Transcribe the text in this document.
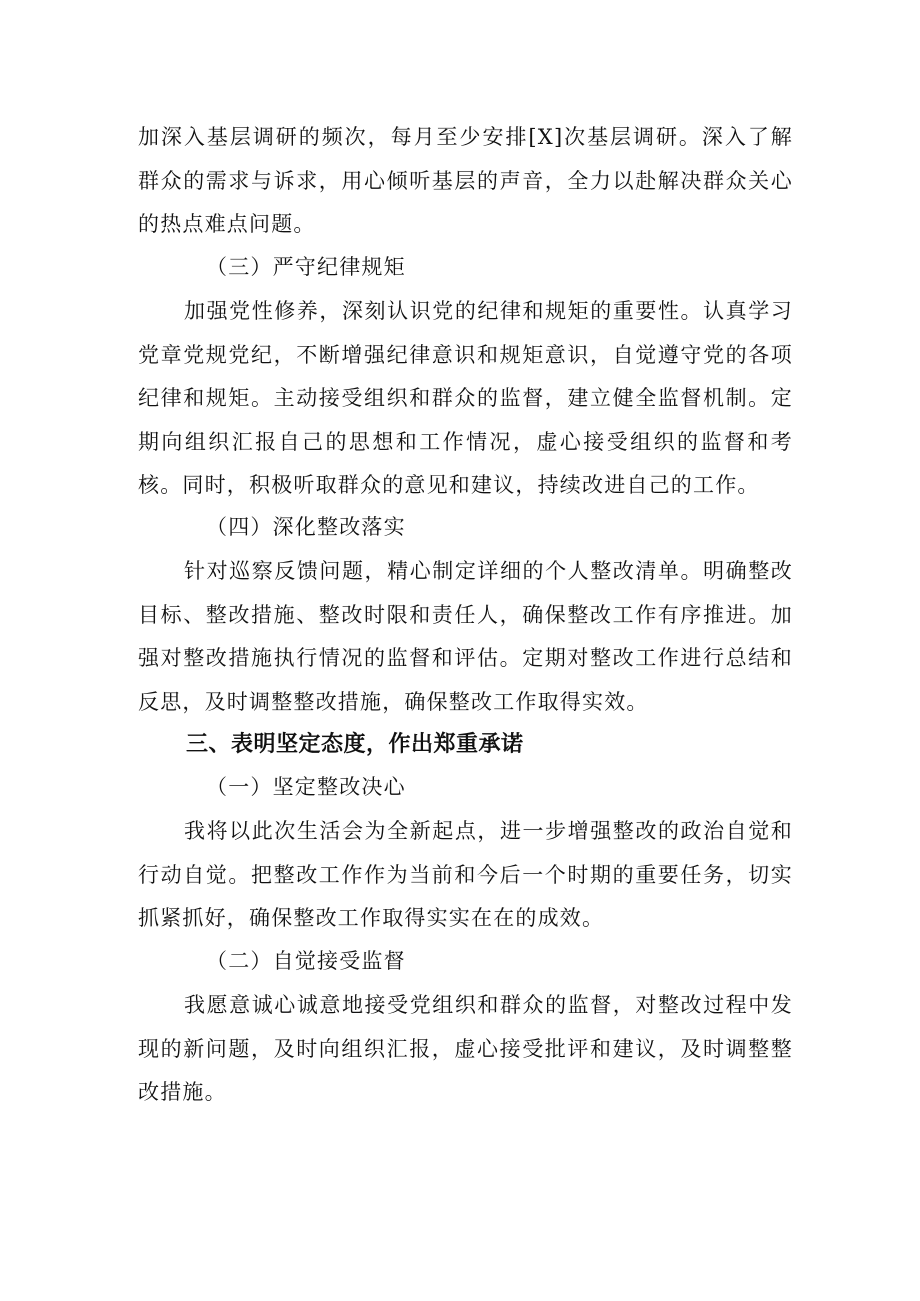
加深入基层调研的频次，每月至少安排[X]次基层调研。深入了解群众的需求与诉求，用心倾听基层的声音，全力以赴解决群众关心的热点难点问题。

（三）严守纪律规矩

加强党性修养，深刻认识党的纪律和规矩的重要性。认真学习党章党规党纪，不断增强纪律意识和规矩意识，自觉遵守党的各项纪律和规矩。主动接受组织和群众的监督，建立健全监督机制。定期向组织汇报自己的思想和工作情况，虚心接受组织的监督和考核。同时，积极听取群众的意见和建议，持续改进自己的工作。

（四）深化整改落实

针对巡察反馈问题，精心制定详细的个人整改清单。明确整改目标、整改措施、整改时限和责任人，确保整改工作有序推进。加强对整改措施执行情况的监督和评估。定期对整改工作进行总结和反思，及时调整整改措施，确保整改工作取得实效。

三、表明坚定态度，作出郑重承诺

（一）坚定整改决心

我将以此次生活会为全新起点，进一步增强整改的政治自觉和行动自觉。把整改工作作为当前和今后一个时期的重要任务，切实抓紧抓好，确保整改工作取得实实在在的成效。

（二）自觉接受监督

我愿意诚心诚意地接受党组织和群众的监督，对整改过程中发现的新问题，及时向组织汇报，虚心接受批评和建议，及时调整整改措施。
